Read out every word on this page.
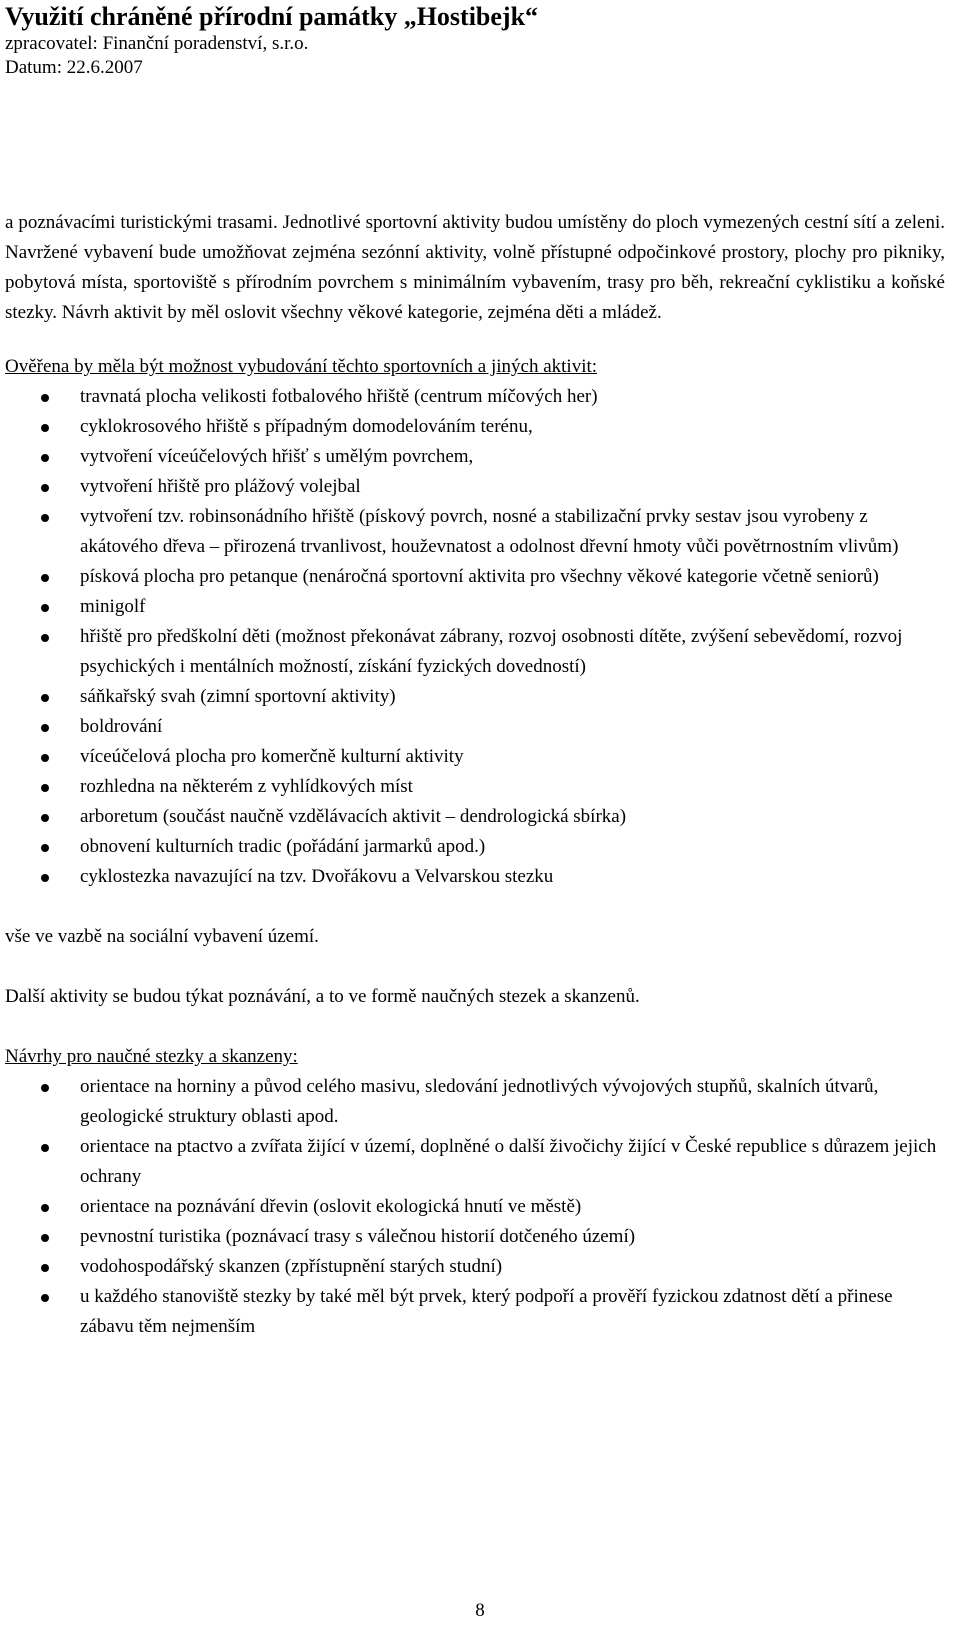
Využití chráněné přírodní památky „Hostibejk“

zpracovatel: Finanční poradenství, s.r.o.

Datum: 22.6.2007

a poznávacími turistickými trasami. Jednotlivé sportovní aktivity budou umístěny do ploch vymezených cestní sítí a zeleni. Navržené vybavení bude umožňovat zejména sezónní aktivity, volně přístupné odpočinkové prostory, plochy pro pikniky, pobytová místa, sportoviště s přírodním povrchem s minimálním vybavením, trasy pro běh, rekreační cyklistiku a koňské stezky. Návrh aktivit by měl oslovit všechny věkové kategorie, zejména děti a mládež.

Ověřena by měla být možnost vybudování těchto sportovních a jiných aktivit:

travnatá plocha velikosti fotbalového hřiště (centrum míčových her)
cyklokrosového hřiště s případným domodelováním terénu,
vytvoření víceúčelových hřišť s umělým povrchem,
vytvoření hřiště pro plážový volejbal
vytvoření tzv. robinsonádního hřiště (pískový povrch, nosné a stabilizační prvky sestav jsou vyrobeny z akátového dřeva – přirozená trvanlivost, houževnatost a odolnost dřevní hmoty vůči povětrnostním vlivům)
písková plocha pro petanque (nenáročná sportovní aktivita pro všechny věkové kategorie včetně seniorů)
minigolf
hřiště pro předškolní děti (možnost překonávat zábrany, rozvoj osobnosti dítěte, zvýšení sebevědomí, rozvoj psychických i mentálních možností, získání fyzických dovedností)
sáňkařský svah (zimní sportovní aktivity)
boldrování
víceúčelová plocha pro komerčně kulturní aktivity
rozhledna na některém z vyhlídkových míst
arboretum (součást naučně vzdělávacích aktivit – dendrologická sbírka)
obnovení kulturních tradic (pořádání jarmarků apod.)
cyklostezka navazující na tzv. Dvořákovu a Velvarskou stezku

vše ve vazbě na sociální vybavení území.

Další aktivity se budou týkat poznávání, a to ve formě naučných stezek a skanzenů.

Návrhy pro naučné stezky a skanzeny:

orientace na horniny a původ celého masivu, sledování jednotlivých vývojových stupňů, skalních útvarů, geologické struktury oblasti apod.
orientace na ptactvo a zvířata žijící v území, doplněné o další živočichy žijící v České republice s důrazem jejich ochrany
orientace na poznávání dřevin (oslovit ekologická hnutí ve městě)
pevnostní turistika (poznávací trasy s válečnou historií dotčeného území)
vodohospodářský skanzen (zpřístupnění starých studní)
u každého stanoviště stezky by také měl být prvek, který podpoří a prověří fyzickou zdatnost dětí a přinese zábavu těm nejmenším
8
